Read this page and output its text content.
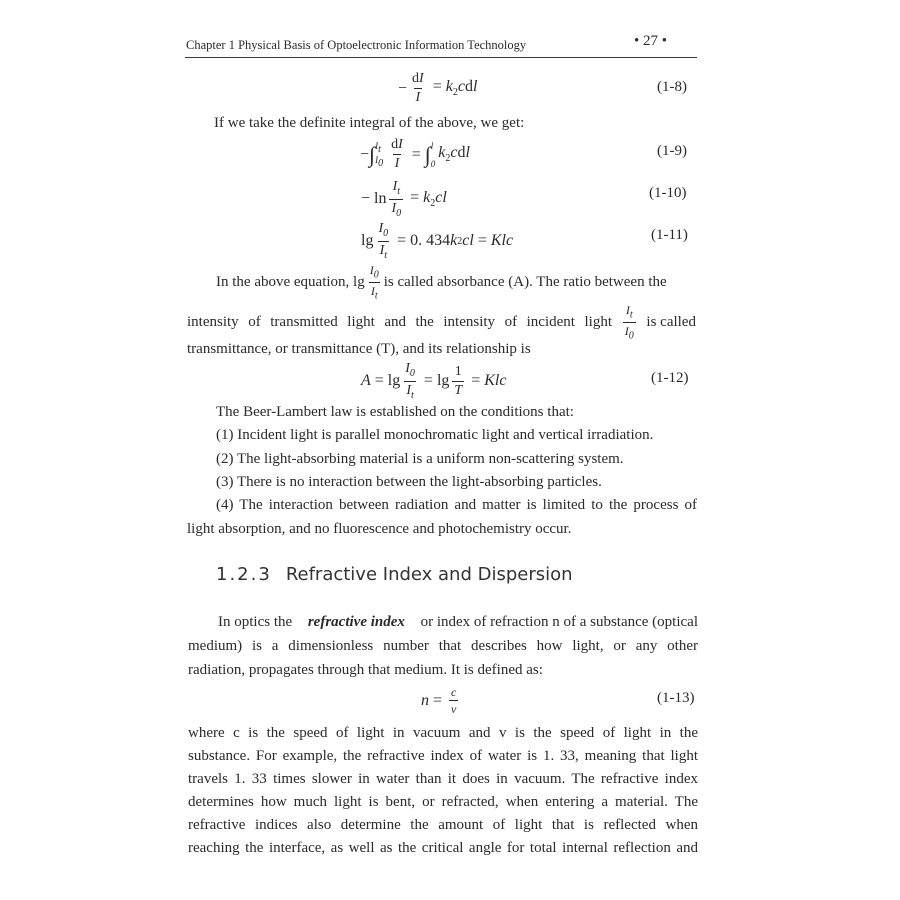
Chapter 1 Physical Basis of Optoelectronic Information Technology	• 27 •
− $\frac{dI}{I} = k_2cdl$	(1-8)
If we take the definite integral of the above, we get:
− ∫ $I_t$
$I_0 \frac{dI}{I}$ = ∫ l
0
$k_2cdl$	(1-9)
− $\ln \frac{I_t}{I_0} = k_2cl$	(1-10)
$\lg \frac{I_0}{I_t} = 0$. 434 k 2 cl = Klc	(1-11)
In the above equation, $\lg \frac{I_0}{I_t}$ is called absorbance (A). The ratio between the
intensity of transmitted light and the intensity of incident light $\frac{I_t}{I_0}$ is called
transmittance, or transmittance (T), and its relationship is
$A = \lg \frac{I_0}{I_t} = \lg \frac{1}{T}$ = Klc	(1-12)
The Beer-Lambert law is established on the conditions that:
(1) Incident light is parallel monochromatic light and vertical irradiation.
(2) The light-absorbing material is a uniform non-scattering system.
(3) There is no interaction between the light-absorbing particles.
(4) The interaction between radiation and matter is limited to the process of
light absorption, and no fluorescence and photochemistry occur.
1.2.3 Refractive Index and Dispersion
In optics the refractive index or index of refraction n of a substance (optical
medium) is a dimensionless number that describes how light, or any other
radiation, propagates through that medium. It is defined as:
$n = \frac{c}{v}$	(1-13)
where c is the speed of light in vacuum and v is the speed of light in the
substance. For example, the refractive index of water is 1. 33, meaning that light
travels 1. 33 times slower in water than it does in vacuum. The refractive index
determines how much light is bent, or refracted, when entering a material. The
refractive indices also determine the amount of light that is reflected when
reaching the interface, as well as the critical angle for total internal reflection and
